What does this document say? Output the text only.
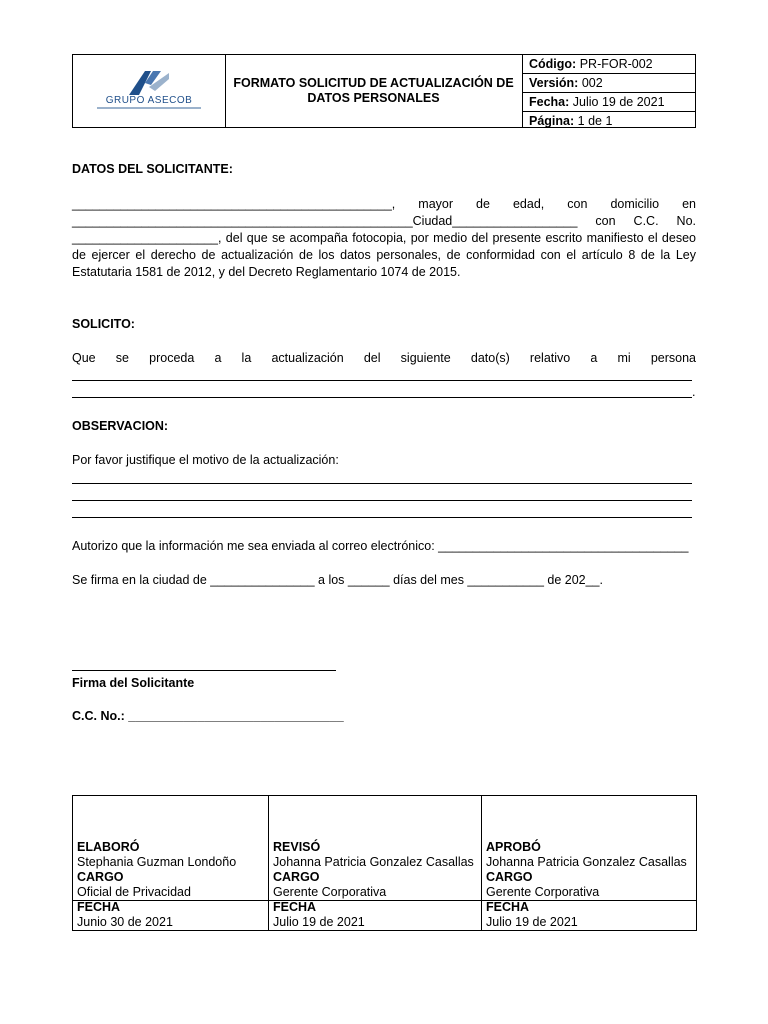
GRUPO ASECOB
FORMATO SOLICITUD DE ACTUALIZACIÓN DE DATOS PERSONALES
Código: PR-FOR-002
Versión: 002
Fecha: Julio 19 de 2021
Página: 1 de 1
DATOS DEL SOLICITANTE:
______________________________________________, mayor de edad, con domicilio en
_________________________________________________Ciudad__________________ con C.C. No.
_____________________, del que se acompaña fotocopia, por medio del presente escrito manifiesto el deseo
de ejercer el derecho de actualización de los datos personales, de conformidad con el artículo 8 de la Ley
Estatutaria 1581 de 2012, y del Decreto Reglamentario 1074 de 2015.
SOLICITO:
Que se proceda a la actualización del siguiente dato(s) relativo a mi persona
.
OBSERVACION:
Por favor justifique el motivo de la actualización:
Autorizo que la información me sea enviada al correo electrónico: ____________________________________
Se firma en la ciudad de _______________ a los ______ días del mes ___________ de 202__.
Firma del Solicitante
C.C. No.: _______________________________
ELABORÓ
Stephania Guzman Londoño
CARGO
Oficial de Privacidad
FECHA
Junio 30 de 2021
REVISÓ
Johanna Patricia Gonzalez Casallas
CARGO
Gerente Corporativa
FECHA
Julio 19 de 2021
APROBÓ
Johanna Patricia Gonzalez Casallas
CARGO
Gerente Corporativa
FECHA
Julio 19 de 2021
